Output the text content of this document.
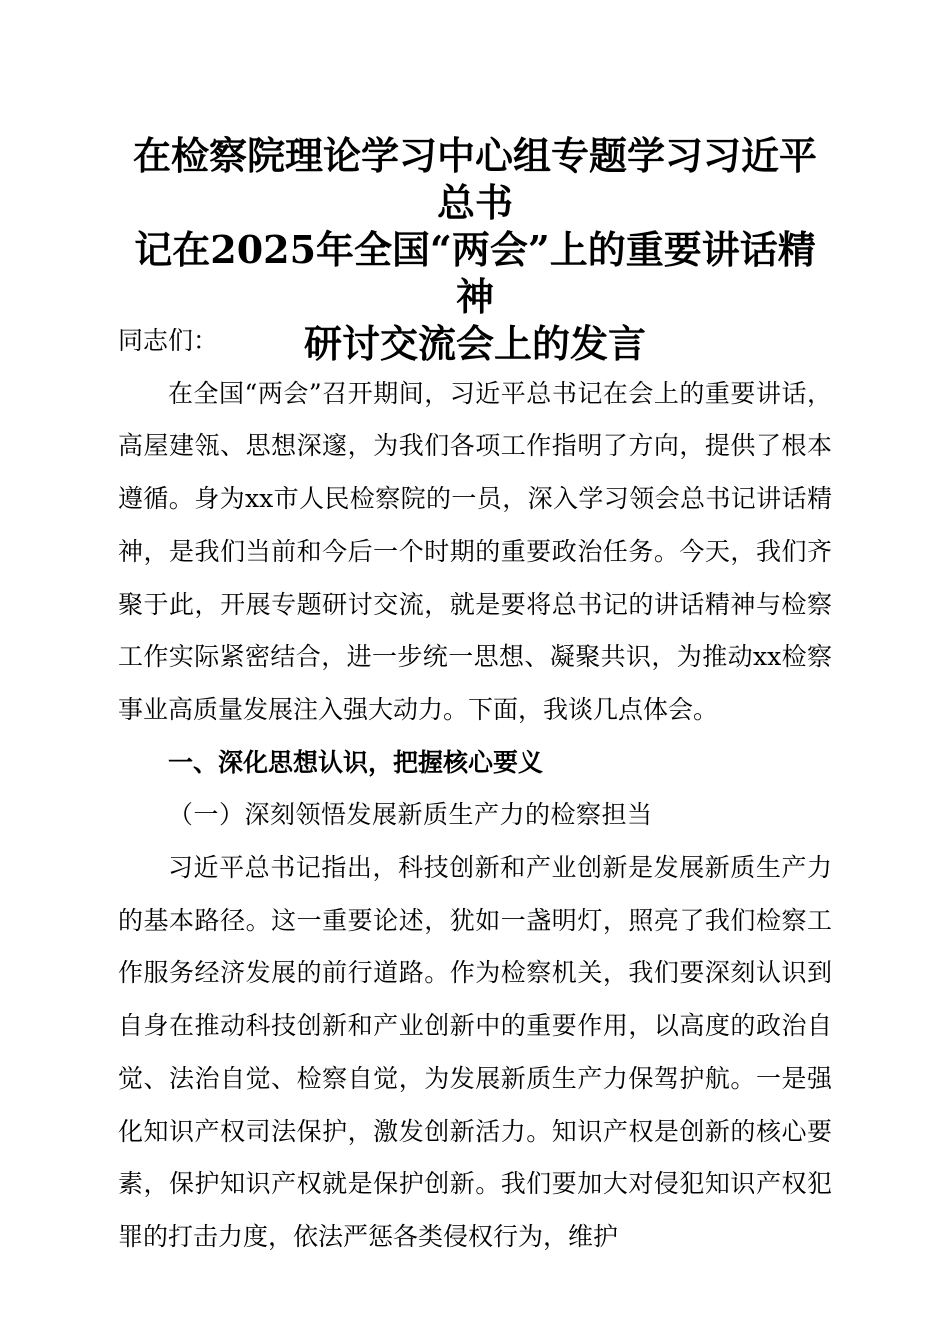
在检察院理论学习中心组专题学习习近平总书
记在2025年全国“两会”上的重要讲话精神
研讨交流会上的发言

同志们：

在全国“两会”召开期间，习近平总书记在会上的重要讲话，高屋建瓴、思想深邃，为我们各项工作指明了方向，提供了根本遵循。身为xx市人民检察院的一员，深入学习领会总书记讲话精神，是我们当前和今后一个时期的重要政治任务。今天，我们齐聚于此，开展专题研讨交流，就是要将总书记的讲话精神与检察工作实际紧密结合，进一步统一思想、凝聚共识，为推动xx检察事业高质量发展注入强大动力。下面，我谈几点体会。

一、深化思想认识，把握核心要义

（一）深刻领悟发展新质生产力的检察担当

习近平总书记指出，科技创新和产业创新是发展新质生产力的基本路径。这一重要论述，犹如一盏明灯，照亮了我们检察工作服务经济发展的前行道路。作为检察机关，我们要深刻认识到自身在推动科技创新和产业创新中的重要作用，以高度的政治自觉、法治自觉、检察自觉，为发展新质生产力保驾护航。一是强化知识产权司法保护，激发创新活力。知识产权是创新的核心要素，保护知识产权就是保护创新。我们要加大对侵犯知识产权犯罪的打击力度，依法严惩各类侵权行为，维护
